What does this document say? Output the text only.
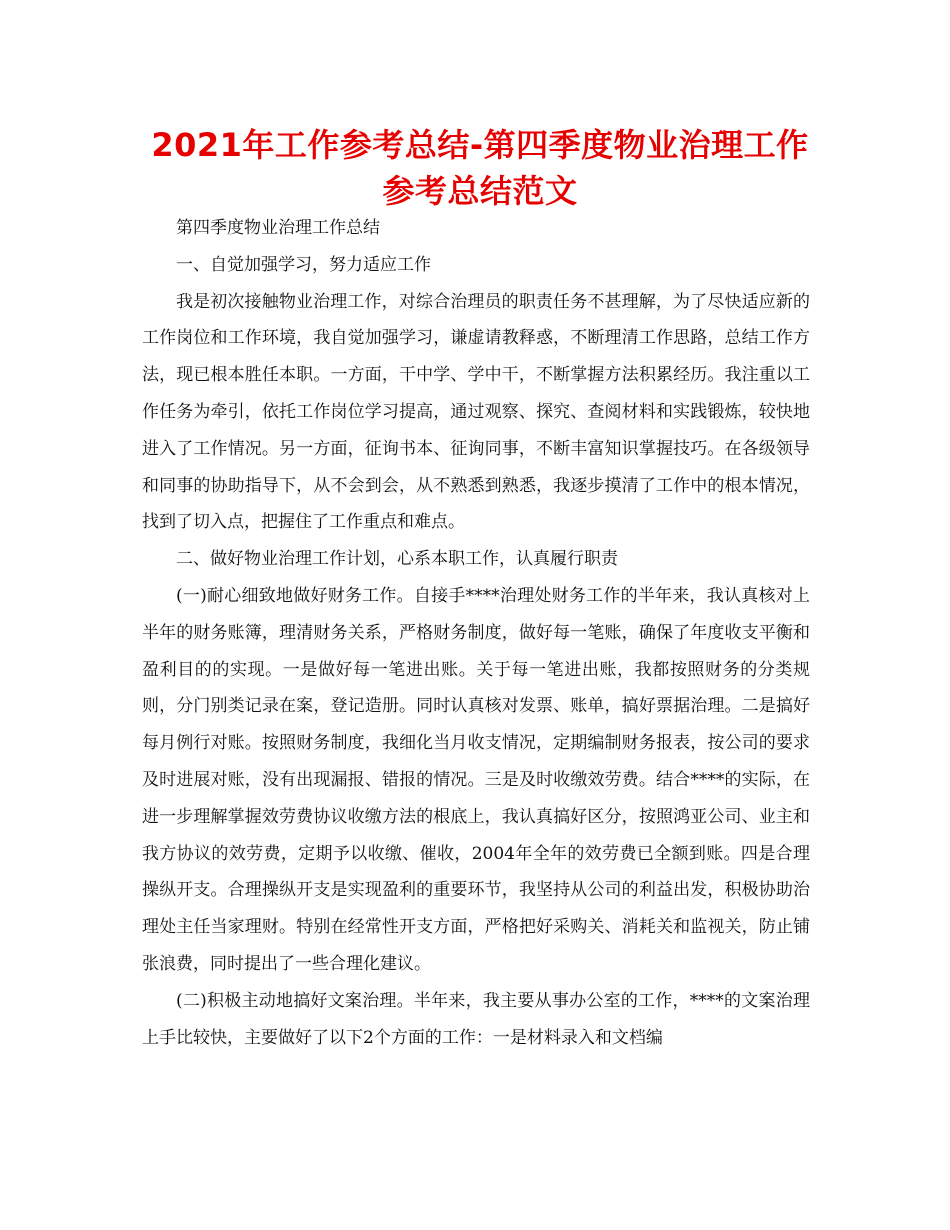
2021年工作参考总结-第四季度物业治理工作参考总结范文

第四季度物业治理工作总结

一、自觉加强学习，努力适应工作

我是初次接触物业治理工作，对综合治理员的职责任务不甚理解，为了尽快适应新的工作岗位和工作环境，我自觉加强学习，谦虚请教释惑，不断理清工作思路，总结工作方法，现已根本胜任本职。一方面，干中学、学中干，不断掌握方法积累经历。我注重以工作任务为牵引，依托工作岗位学习提高，通过观察、探究、查阅材料和实践锻炼，较快地进入了工作情况。另一方面，征询书本、征询同事，不断丰富知识掌握技巧。在各级领导和同事的协助指导下，从不会到会，从不熟悉到熟悉，我逐步摸清了工作中的根本情况，找到了切入点，把握住了工作重点和难点。

二、做好物业治理工作计划，心系本职工作，认真履行职责

(一)耐心细致地做好财务工作。自接手****治理处财务工作的半年来，我认真核对上半年的财务账簿，理清财务关系，严格财务制度，做好每一笔账，确保了年度收支平衡和盈利目的的实现。一是做好每一笔进出账。关于每一笔进出账，我都按照财务的分类规则，分门别类记录在案，登记造册。同时认真核对发票、账单，搞好票据治理。二是搞好每月例行对账。按照财务制度，我细化当月收支情况，定期编制财务报表，按公司的要求及时进展对账，没有出现漏报、错报的情况。三是及时收缴效劳费。结合****的实际，在进一步理解掌握效劳费协议收缴方法的根底上，我认真搞好区分，按照鸿亚公司、业主和我方协议的效劳费，定期予以收缴、催收，2004年全年的效劳费已全额到账。四是合理操纵开支。合理操纵开支是实现盈利的重要环节，我坚持从公司的利益出发，积极协助治理处主任当家理财。特别在经常性开支方面，严格把好采购关、消耗关和监视关，防止铺张浪费，同时提出了一些合理化建议。

(二)积极主动地搞好文案治理。半年来，我主要从事办公室的工作，****的文案治理上手比较快，主要做好了以下2个方面的工作：一是材料录入和文档编
